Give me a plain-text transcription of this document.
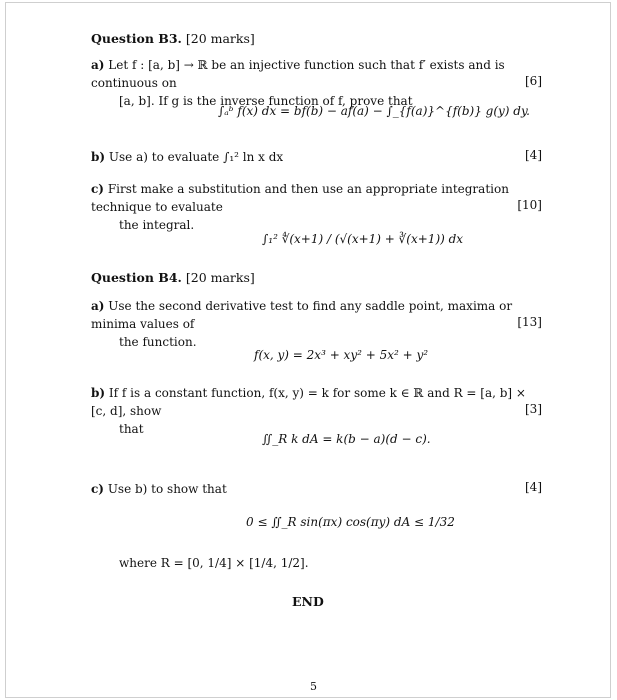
Question B3. [20 marks]
a) Let f : [a, b] → ℝ be an injective function such that f′ exists and is continuous on
[a, b]. If g is the inverse function of f, prove that
[6]
∫ₐᵇ f(x) dx = bf(b) − af(a) − ∫_{f(a)}^{f(b)} g(y) dy.
b) Use a) to evaluate ∫₁² ln x dx	[4]
c) First make a substitution and then use an appropriate integration technique to evaluate
the integral.
[10]
∫₁² ∜(x+1) / (√(x+1) + ∛(x+1)) dx
Question B4. [20 marks]
a) Use the second derivative test to find any saddle point, maxima or minima values of
the function.
[13]
f(x, y) = 2x³ + xy² + 5x² + y²
b) If f is a constant function, f(x, y) = k for some k ∈ ℝ and R = [a, b] × [c, d], show
that
[3]
∬_R k dA = k(b − a)(d − c).
c) Use b) to show that	[4]
0 ≤ ∬_R sin(πx) cos(πy) dA ≤ 1/32
where R = [0, 1/4] × [1/4, 1/2].
END
5
